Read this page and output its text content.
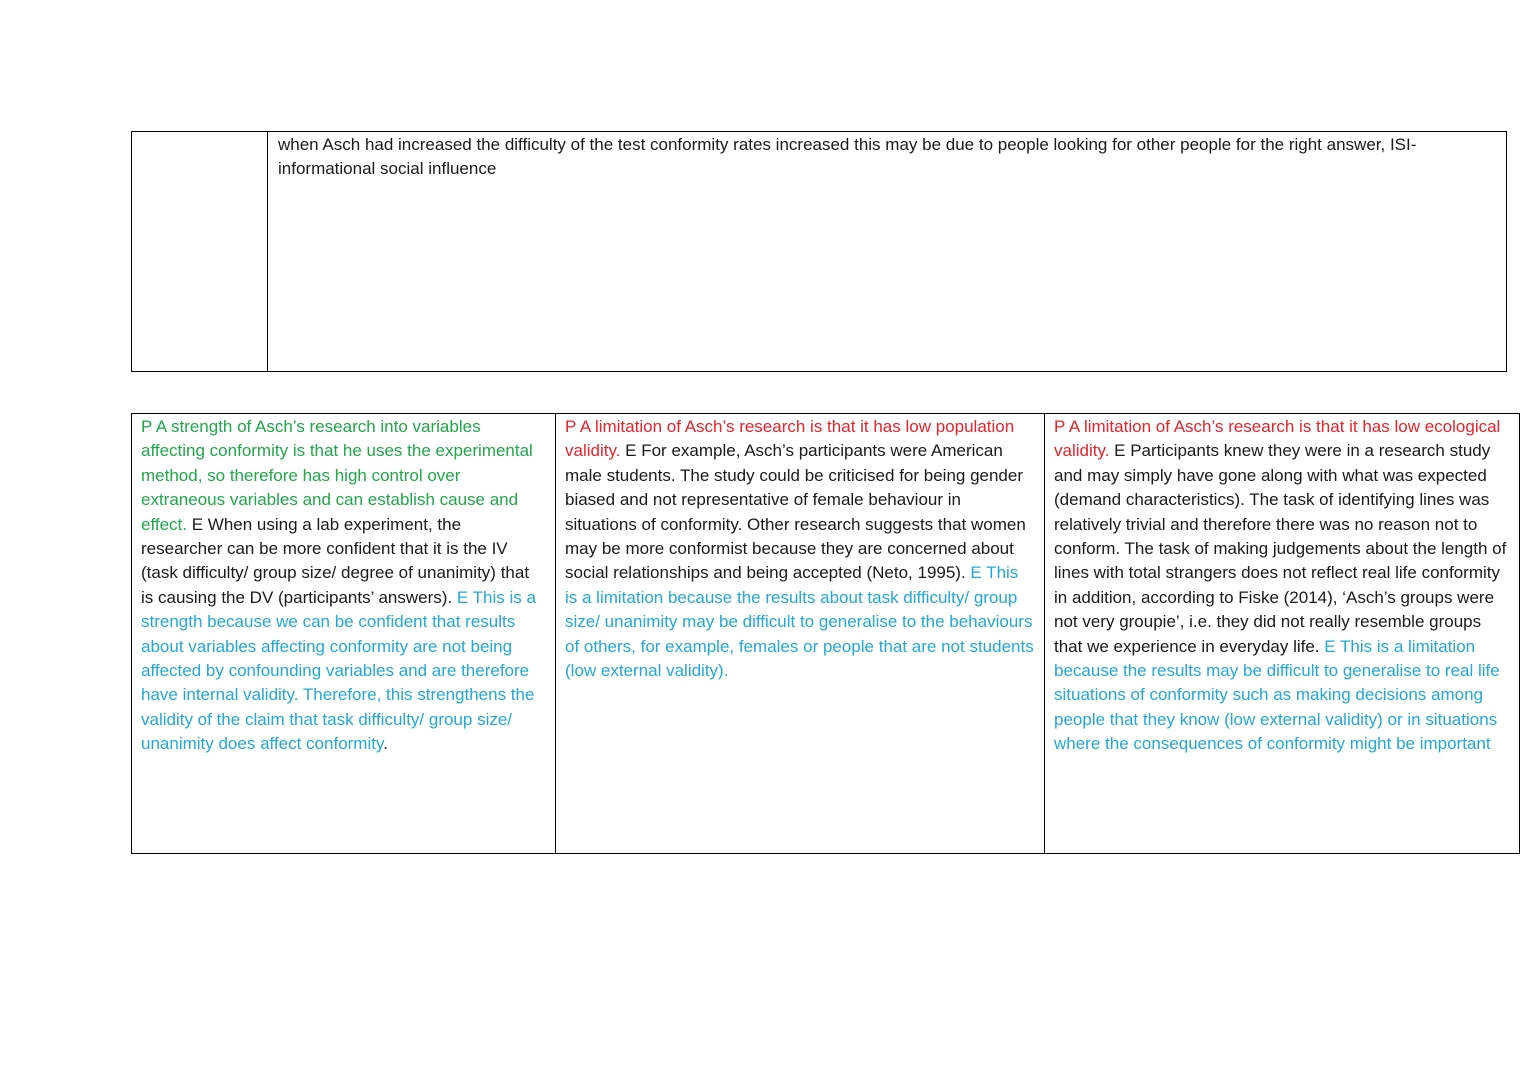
when Asch had increased the difficulty of the test conformity rates increased this may be due to people looking for other people for the right answer, ISI- informational social influence
P A strength of Asch’s research into variables affecting conformity is that he uses the experimental method, so therefore has high control over extraneous variables and can establish cause and effect. E When using a lab experiment, the researcher can be more confident that it is the IV (task difficulty/ group size/ degree of unanimity) that is causing the DV (participants’ answers). E This is a strength because we can be confident that results about variables affecting conformity are not being affected by confounding variables and are therefore have internal validity. Therefore, this strengthens the validity of the claim that task difficulty/ group size/ unanimity does affect conformity.
P A limitation of Asch’s research is that it has low population validity. E For example, Asch’s participants were American male students. The study could be criticised for being gender biased and not representative of female behaviour in situations of conformity. Other research suggests that women may be more conformist because they are concerned about social relationships and being accepted (Neto, 1995). E This is a limitation because the results about task difficulty/ group size/ unanimity may be difficult to generalise to the behaviours of others, for example, females or people that are not students (low external validity).
P A limitation of Asch’s research is that it has low ecological validity. E Participants knew they were in a research study and may simply have gone along with what was expected (demand characteristics). The task of identifying lines was relatively trivial and therefore there was no reason not to conform. The task of making judgements about the length of lines with total strangers does not reflect real life conformity in addition, according to Fiske (2014), ‘Asch’s groups were not very groupie’, i.e. they did not really resemble groups that we experience in everyday life. E This is a limitation because the results may be difficult to generalise to real life situations of conformity such as making decisions among people that they know (low external validity) or in situations where the consequences of conformity might be important
